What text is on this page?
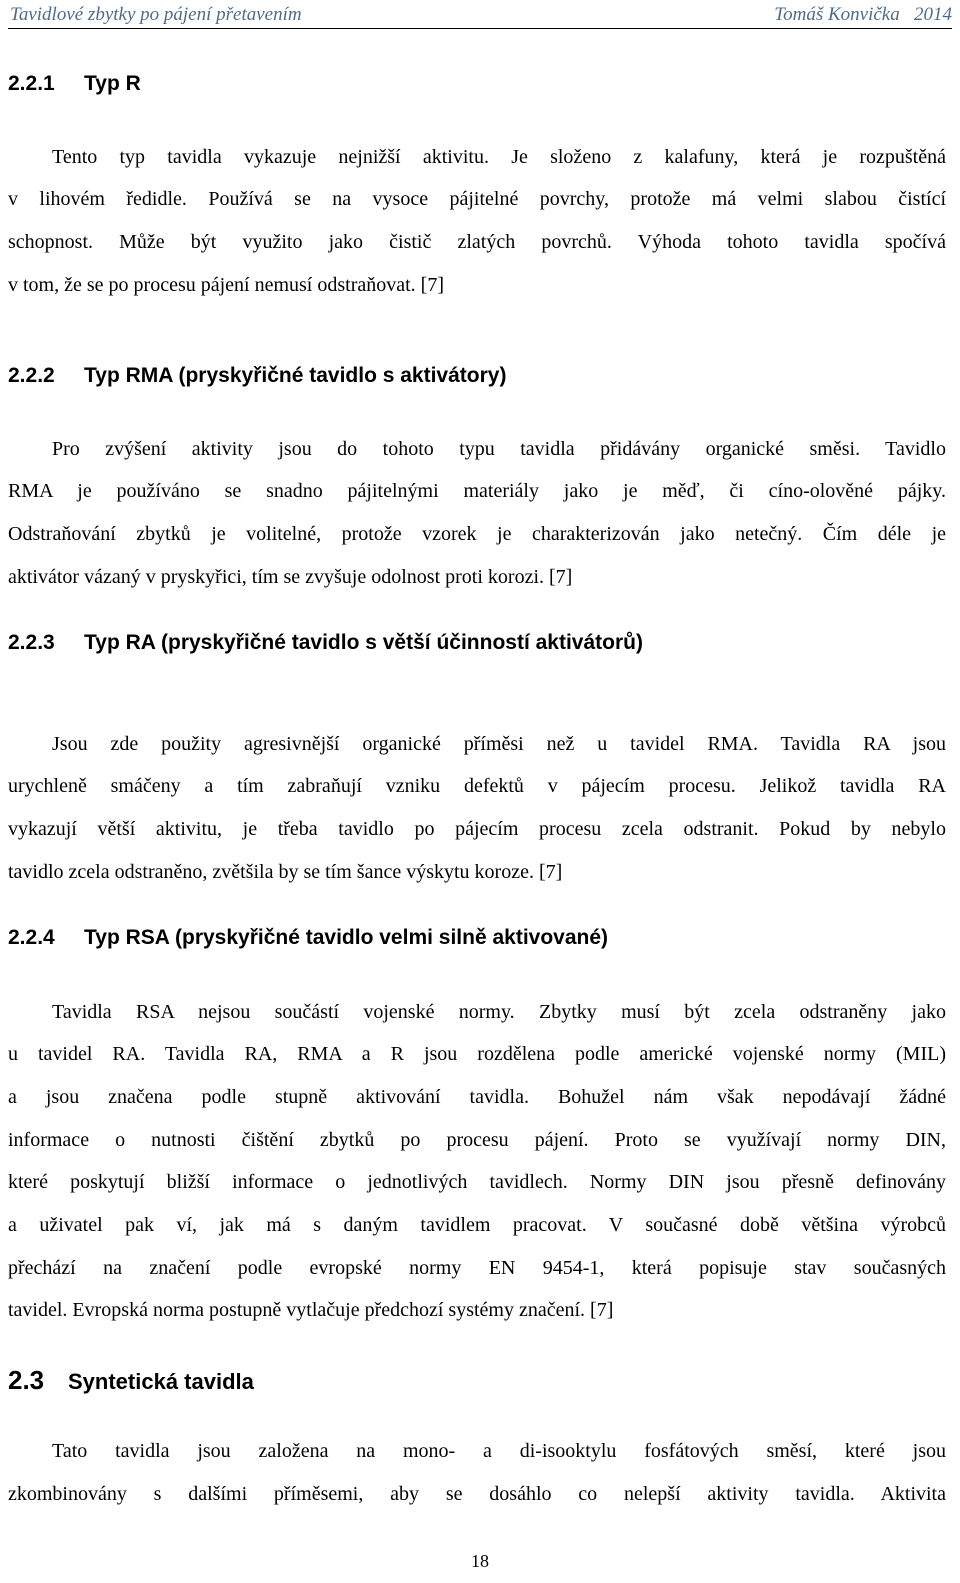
Tavidlové zbytky po pájení přetavením	Tomáš Konvička   2014
2.2.1 Typ R
Tento typ tavidla vykazuje nejnižší aktivitu. Je složeno z kalafuny, která je rozpuštěná
v lihovém ředidle. Používá se na vysoce pájitelné povrchy, protože má velmi slabou čistící
schopnost. Může být využito jako čistič zlatých povrchů. Výhoda tohoto tavidla spočívá
v tom, že se po procesu pájení nemusí odstraňovat. [7]
2.2.2 Typ RMA (pryskyřičné tavidlo s aktivátory)
Pro zvýšení aktivity jsou do tohoto typu tavidla přidávány organické směsi. Tavidlo
RMA je používáno se snadno pájitelnými materiály jako je měď, či cíno-olověné pájky.
Odstraňování zbytků je volitelné, protože vzorek je charakterizován jako netečný. Čím déle je
aktivátor vázaný v pryskyřici, tím se zvyšuje odolnost proti korozi. [7]
2.2.3 Typ RA (pryskyřičné tavidlo s větší účinností aktivátorů)
Jsou zde použity agresivnější organické příměsi než u tavidel RMA. Tavidla RA jsou
urychleně smáčeny a tím zabraňují vzniku defektů v pájecím procesu. Jelikož tavidla RA
vykazují větší aktivitu, je třeba tavidlo po pájecím procesu zcela odstranit. Pokud by nebylo
tavidlo zcela odstraněno, zvětšila by se tím šance výskytu koroze. [7]
2.2.4 Typ RSA (pryskyřičné tavidlo velmi silně aktivované)
Tavidla RSA nejsou součástí vojenské normy. Zbytky musí být zcela odstraněny jako
u tavidel RA. Tavidla RA, RMA a R jsou rozdělena podle americké vojenské normy (MIL)
a jsou značena podle stupně aktivování tavidla. Bohužel nám však nepodávají žádné
informace o nutnosti čištění zbytků po procesu pájení. Proto se využívají normy DIN,
které poskytují bližší informace o jednotlivých tavidlech. Normy DIN jsou přesně definovány
a uživatel pak ví, jak má s daným tavidlem pracovat. V současné době většina výrobců
přechází na značení podle evropské normy EN 9454-1, která popisuje stav současných
tavidel. Evropská norma postupně vytlačuje předchozí systémy značení. [7]
2.3 Syntetická tavidla
Tato tavidla jsou založena na mono- a di-isooktylu fosfátových směsí, které jsou
zkombinovány s dalšími příměsemi, aby se dosáhlo co nelepší aktivity tavidla. Aktivita
18
